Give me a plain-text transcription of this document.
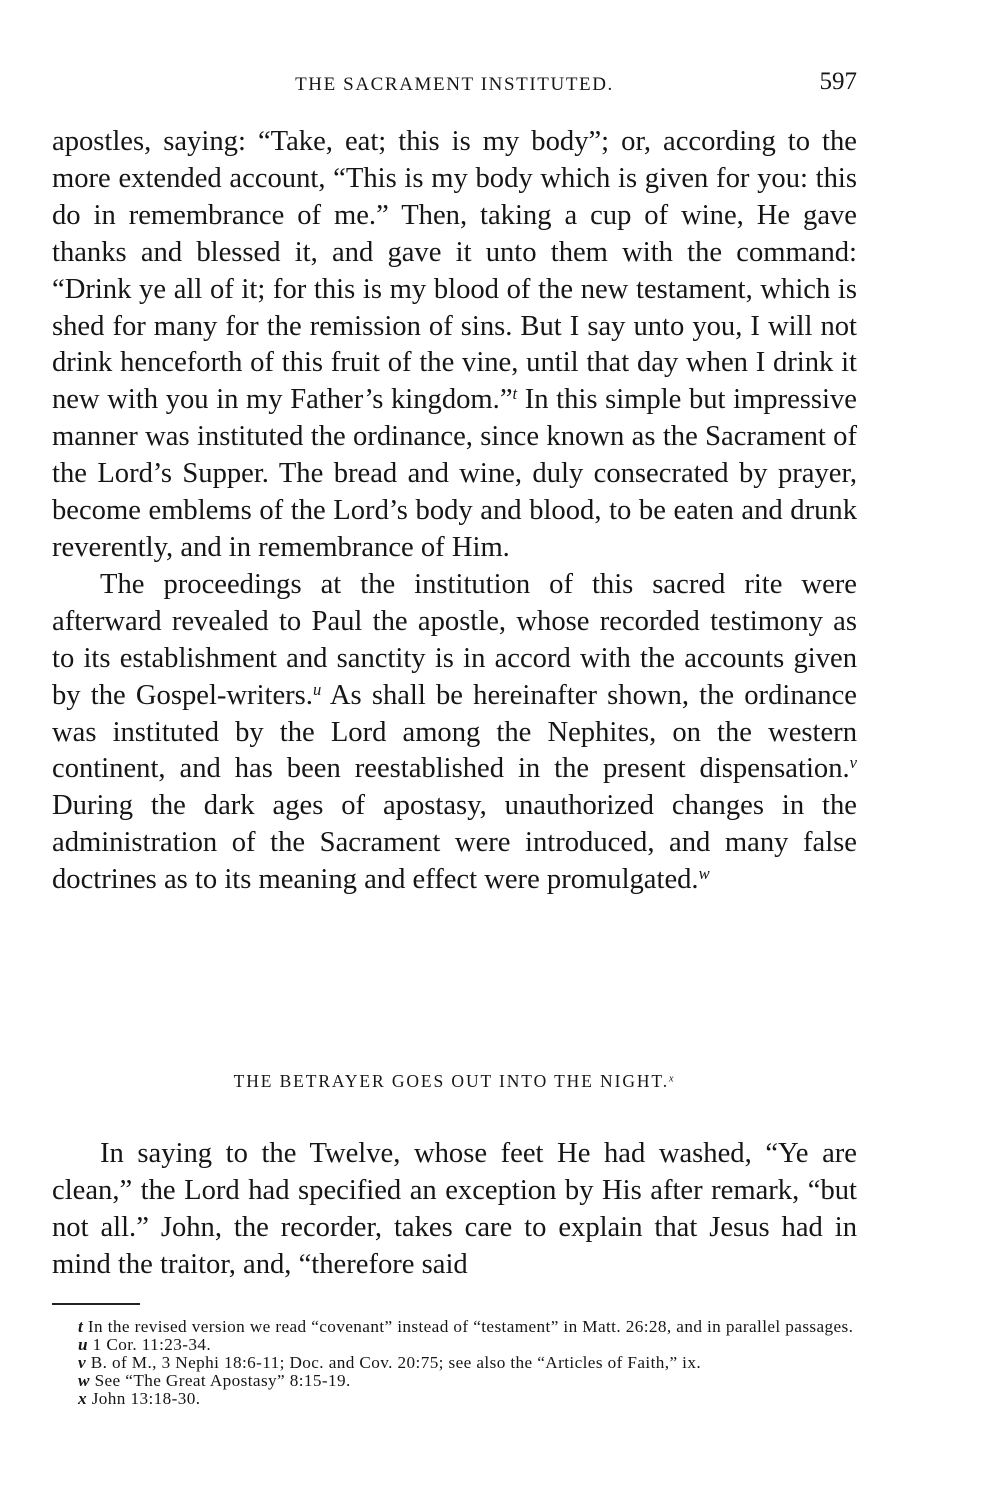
THE SACRAMENT INSTITUTED.	597

apostles, saying: “Take, eat; this is my body”; or, according to the more extended account, “This is my body which is given for you: this do in remembrance of me.” Then, taking a cup of wine, He gave thanks and blessed it, and gave it unto them with the command: “Drink ye all of it; for this is my blood of the new testament, which is shed for many for the remission of sins. But I say unto you, I will not drink henceforth of this fruit of the vine, until that day when I drink it new with you in my Father’s kingdom.”$^t$ In this simple but impressive manner was instituted the ordinance, since known as the Sacrament of the Lord’s Supper. The bread and wine, duly consecrated by prayer, become emblems of the Lord’s body and blood, to be eaten and drunk reverently, and in remembrance of Him.

The proceedings at the institution of this sacred rite were afterward revealed to Paul the apostle, whose recorded testimony as to its establishment and sanctity is in accord with the accounts given by the Gospel-writers.$^u$ As shall be hereinafter shown, the ordinance was instituted by the Lord among the Nephites, on the western continent, and has been reestablished in the present dispensation.$^v$ During the dark ages of apostasy, unauthorized changes in the administration of the Sacrament were introduced, and many false doctrines as to its meaning and effect were promulgated.$^w$

THE BETRAYER GOES OUT INTO THE NIGHT.$^x$

In saying to the Twelve, whose feet He had washed, “Ye are clean,” the Lord had specified an exception by His after remark, “but not all.” John, the recorder, takes care to explain that Jesus had in mind the traitor, and, “therefore said

t In the revised version we read “covenant” instead of “testament” in Matt. 26:28, and in parallel passages.

u 1 Cor. 11:23-34.

v B. of M., 3 Nephi 18:6-11; Doc. and Cov. 20:75; see also the “Articles of Faith,” ix.

w See “The Great Apostasy” 8:15-19.

x John 13:18-30.
